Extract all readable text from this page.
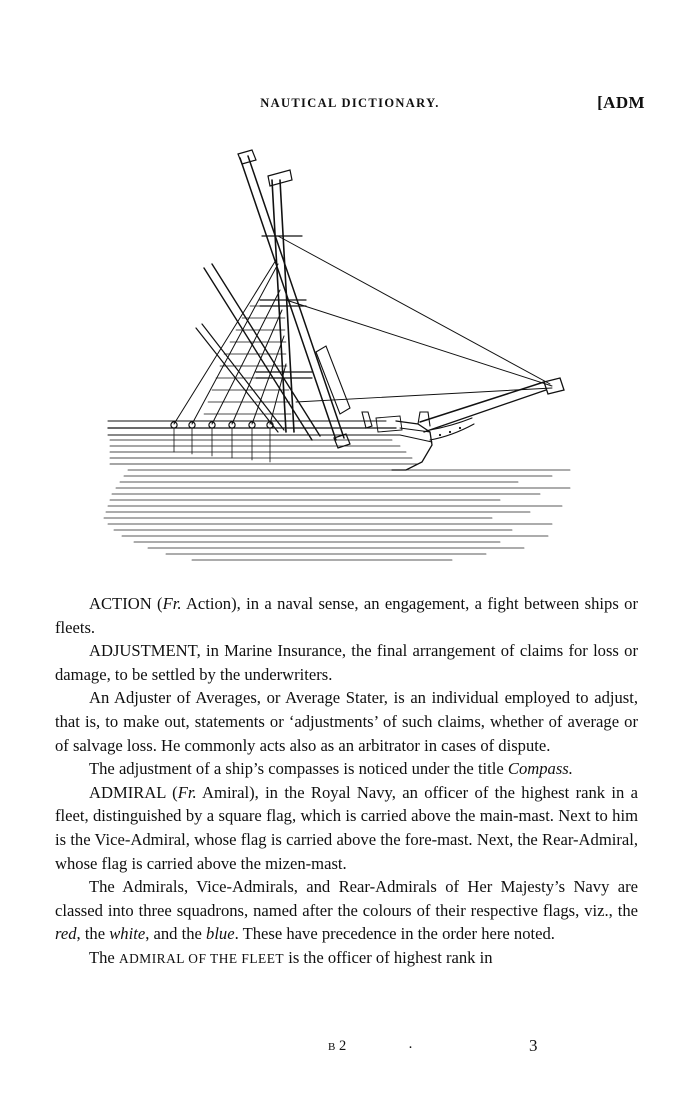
NAUTICAL DICTIONARY.	[ADM

ACTION (Fr. Action), in a naval sense, an engagement, a fight between ships or fleets.

ADJUSTMENT, in Marine Insurance, the final arrangement of claims for loss or damage, to be settled by the underwriters.

An Adjuster of Averages, or Average Stater, is an individual employed to adjust, that is, to make out, statements or ‘adjustments’ of such claims, whether of average or of salvage loss. He commonly acts also as an arbitrator in cases of dispute.

The adjustment of a ship’s compasses is noticed under the title Compass.

ADMIRAL (Fr. Amiral), in the Royal Navy, an officer of the highest rank in a fleet, distinguished by a square flag, which is carried above the main-mast. Next to him is the Vice-Admiral, whose flag is carried above the fore-mast. Next, the Rear-Admiral, whose flag is carried above the mizen-mast.

The Admirals, Vice-Admirals, and Rear-Admirals of Her Majesty’s Navy are classed into three squadrons, named after the colours of their respective flags, viz., the red, the white, and the blue. These have precedence in the order here noted.

The ADMIRAL OF THE FLEET is the officer of highest rank in

B 2	·	3
